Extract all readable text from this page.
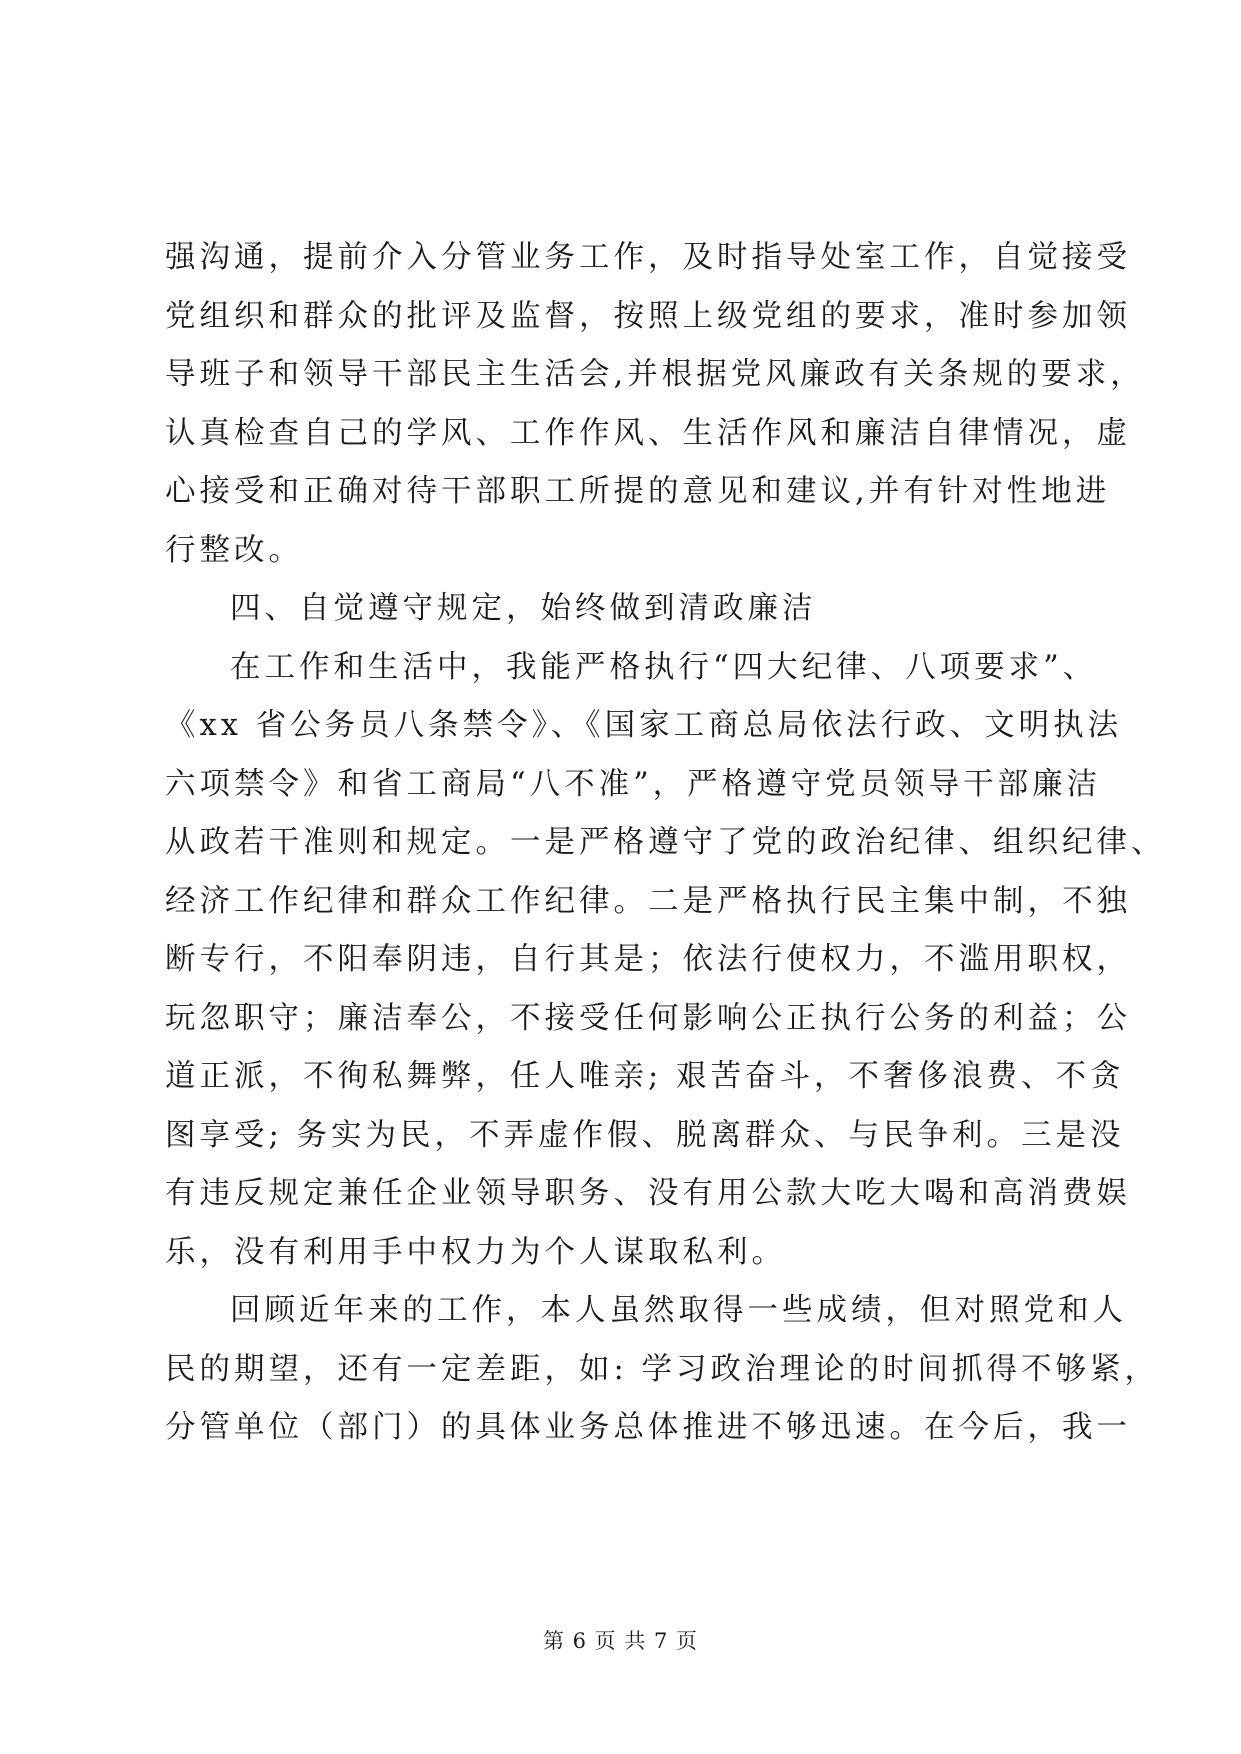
强沟通，提前介入分管业务工作，及时指导处室工作，自觉接受
党组织和群众的批评及监督，按照上级党组的要求，准时参加领
导班子和领导干部民主生活会,并根据党风廉政有关条规的要求，
认真检查自己的学风、工作作风、生活作风和廉洁自律情况，虚
心接受和正确对待干部职工所提的意见和建议,并有针对性地进
行整改。
四、自觉遵守规定，始终做到清政廉洁
在工作和生活中，我能严格执行“四大纪律、八项要求”、
《xx 省公务员八条禁令》、《国家工商总局依法行政、文明执法
六项禁令》和省工商局“八不准”，严格遵守党员领导干部廉洁
从政若干准则和规定。一是严格遵守了党的政治纪律、组织纪律、
经济工作纪律和群众工作纪律。二是严格执行民主集中制，不独
断专行，不阳奉阴违，自行其是；依法行使权力，不滥用职权，
玩忽职守；廉洁奉公，不接受任何影响公正执行公务的利益；公
道正派，不徇私舞弊，任人唯亲; 艰苦奋斗，不奢侈浪费、不贪
图享受; 务实为民，不弄虚作假、脱离群众、与民争利。三是没
有违反规定兼任企业领导职务、没有用公款大吃大喝和高消费娱
乐，没有利用手中权力为个人谋取私利。
回顾近年来的工作，本人虽然取得一些成绩，但对照党和人
民的期望，还有一定差距，如: 学习政治理论的时间抓得不够紧，
分管单位（部门）的具体业务总体推进不够迅速。在今后，我一
第 6 页 共 7 页
